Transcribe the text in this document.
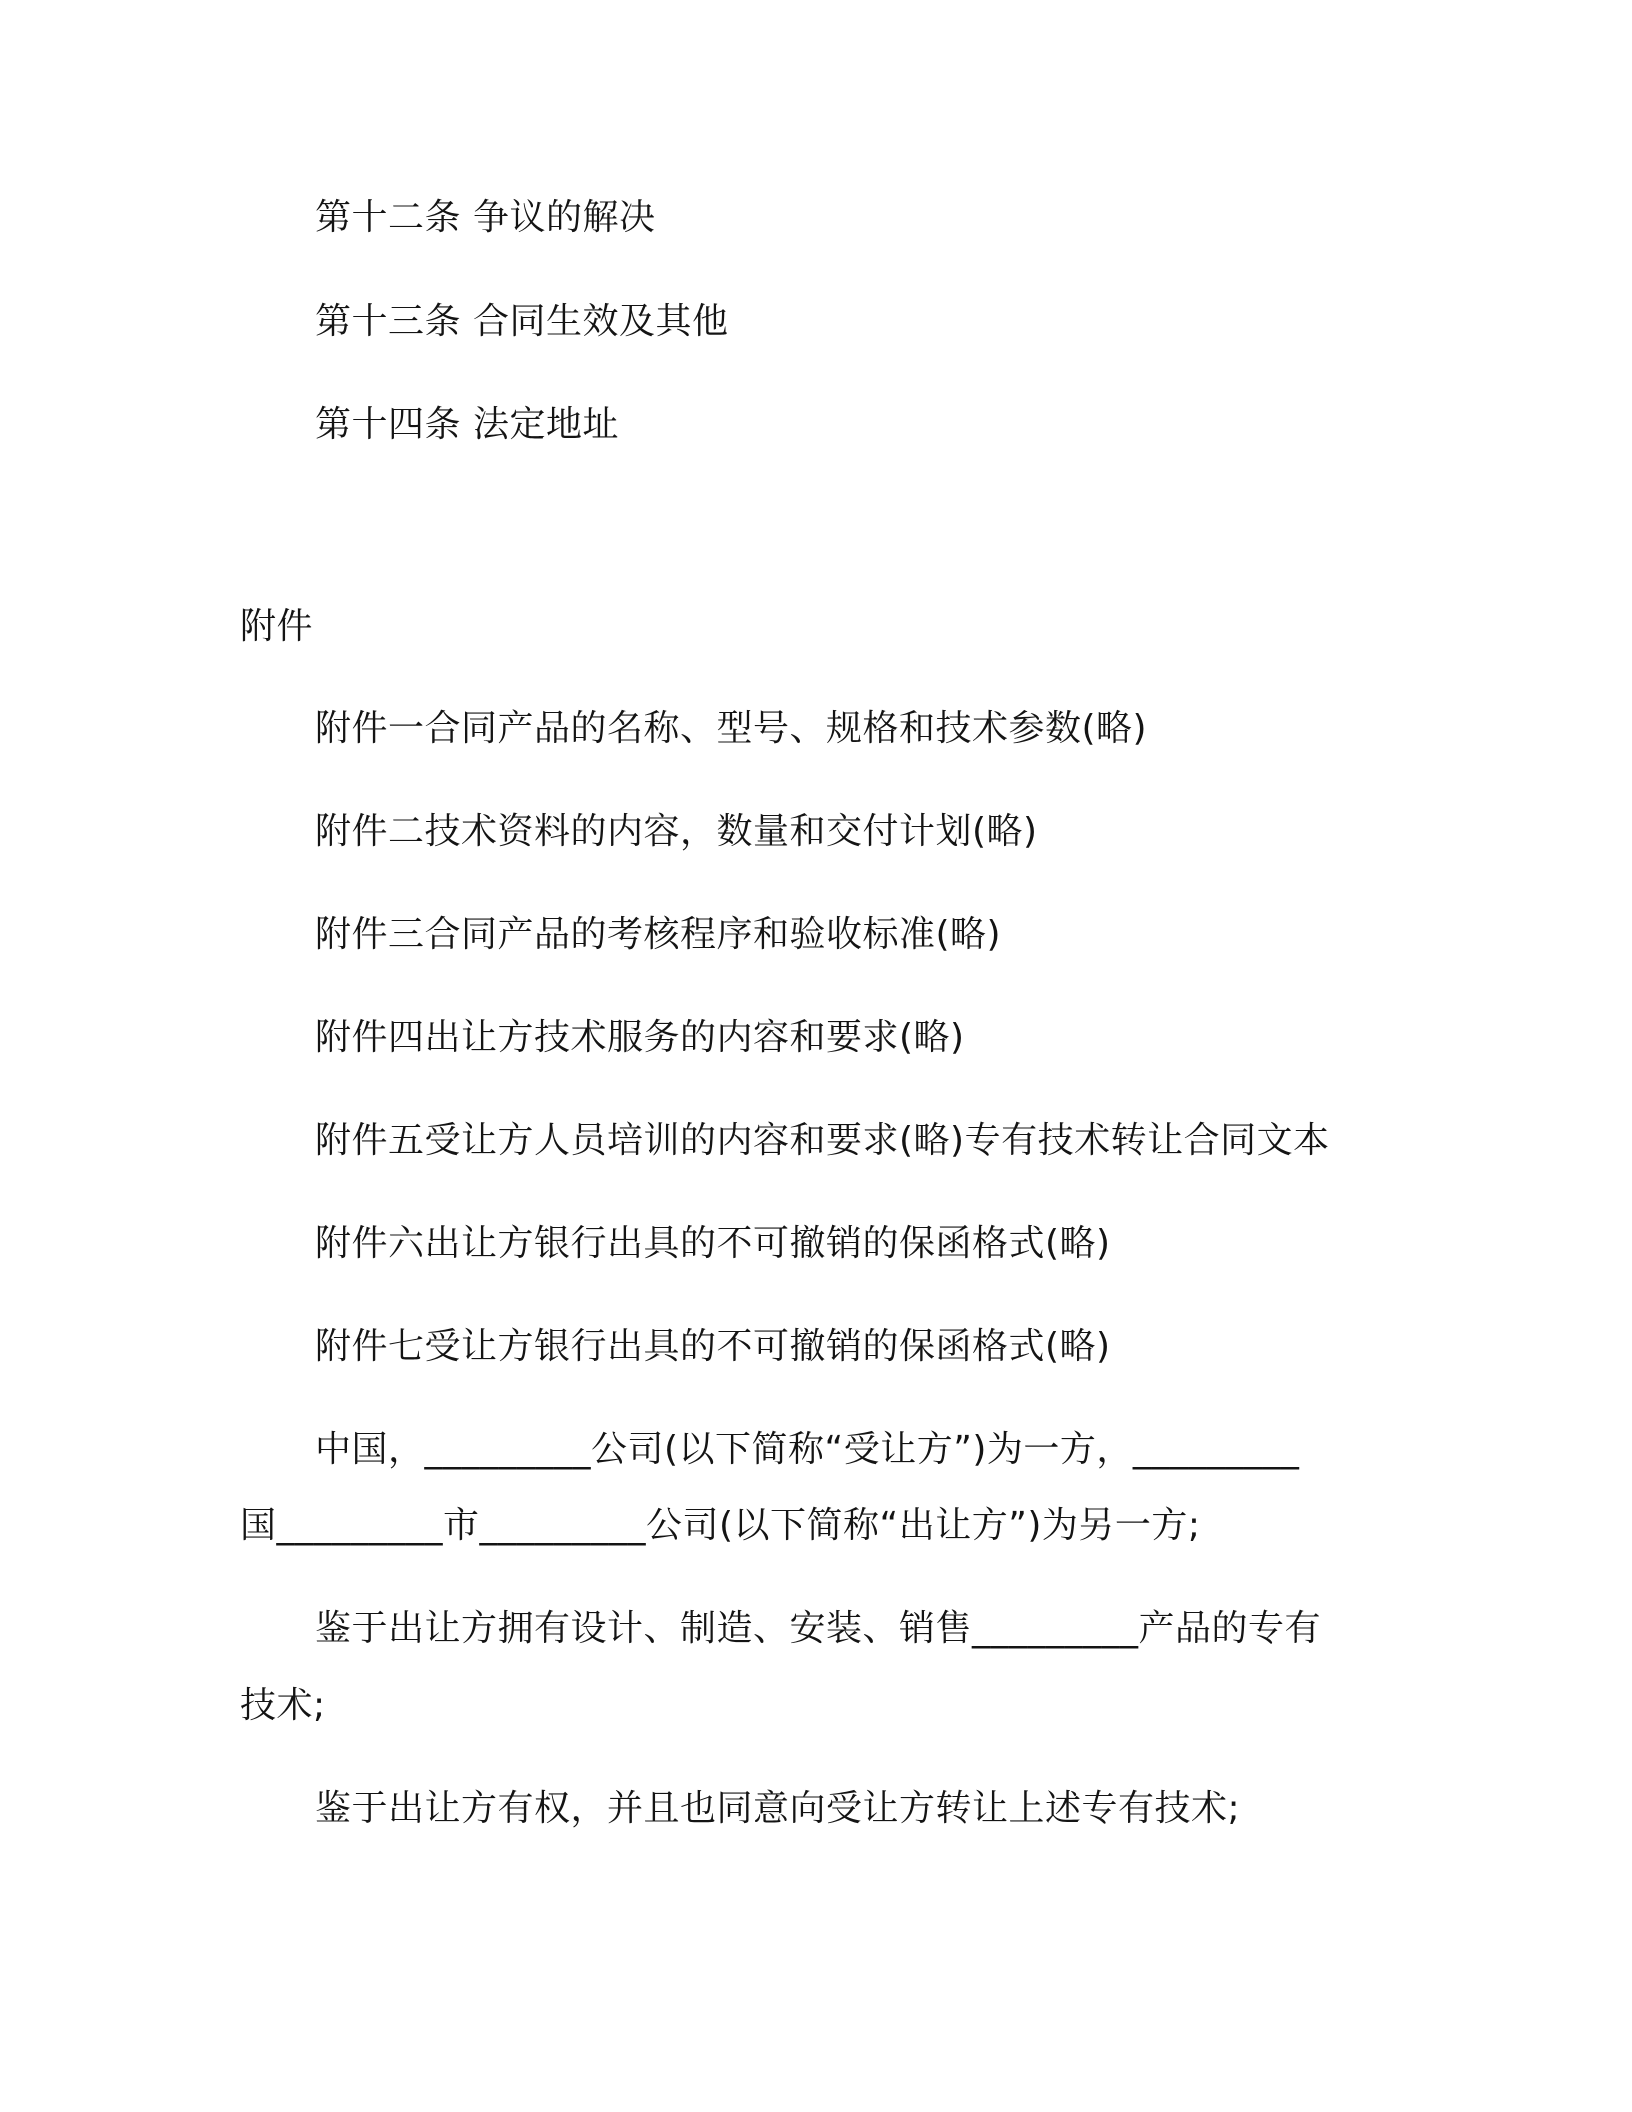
第十二条 争议的解决
第十三条 合同生效及其他
第十四条 法定地址
附件
附件一合同产品的名称、型号、规格和技术参数(略)
附件二技术资料的内容，数量和交付计划(略)
附件三合同产品的考核程序和验收标准(略)
附件四出让方技术服务的内容和要求(略)
附件五受让方人员培训的内容和要求(略)专有技术转让合同文本
附件六出让方银行出具的不可撤销的保函格式(略)
附件七受让方银行出具的不可撤销的保函格式(略)
中国，_________公司(以下简称“受让方”)为一方，_________
国_________市_________公司(以下简称“出让方”)为另一方;
鉴于出让方拥有设计、制造、安装、销售_________产品的专有
技术;
鉴于出让方有权，并且也同意向受让方转让上述专有技术;
